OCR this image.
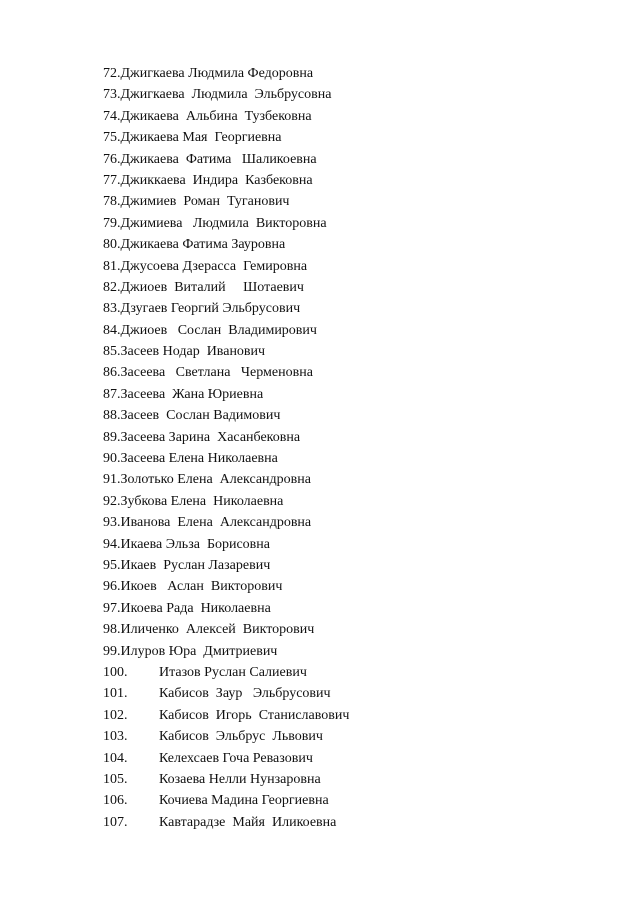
72.Джигкаева Людмила Федоровна
73.Джигкаева  Людмила  Эльбрусовна
74.Джикаева  Альбина  Тузбековна
75.Джикаева Мая  Георгиевна
76.Джикаева  Фатима   Шаликоевна
77.Джиккаева  Индира  Казбековна
78.Джимиев  Роман  Туганович
79.Джимиева   Людмила  Викторовна
80.Джикаева Фатима Зауровна
81.Джусоева Дзерасса  Гемировна
82.Джиоев  Виталий     Шотаевич
83.Дзугаев Георгий Эльбрусович
84.Джиоев   Сослан  Владимирович
85.Засеев Нодар  Иванович
86.Засеева   Светлана   Черменовна
87.Засеева  Жана Юриевна
88.Засеев  Сослан Вадимович
89.Засеева Зарина  Хасанбековна
90.Засеева Елена Николаевна
91.Золотько Елена  Александровна
92.Зубкова Елена  Николаевна
93.Иванова  Елена  Александровна
94.Икаева Эльза  Борисовна
95.Икаев  Руслан Лазаревич
96.Икоев   Аслан  Викторович
97.Икоева Рада  Николаевна
98.Иличенко  Алексей  Викторович
99.Илуров Юра  Дмитриевич
100. Итазов Руслан Салиевич
101. Кабисов  Заур   Эльбрусович
102. Кабисов  Игорь  Станиславович
103. Кабисов  Эльбрус  Львович
104. Келехсаев Гоча Ревазович
105. Козаева Нелли Нунзаровна
106. Кочиева Мадина Георгиевна
107. Кавтарадзе  Майя  Иликоевна
